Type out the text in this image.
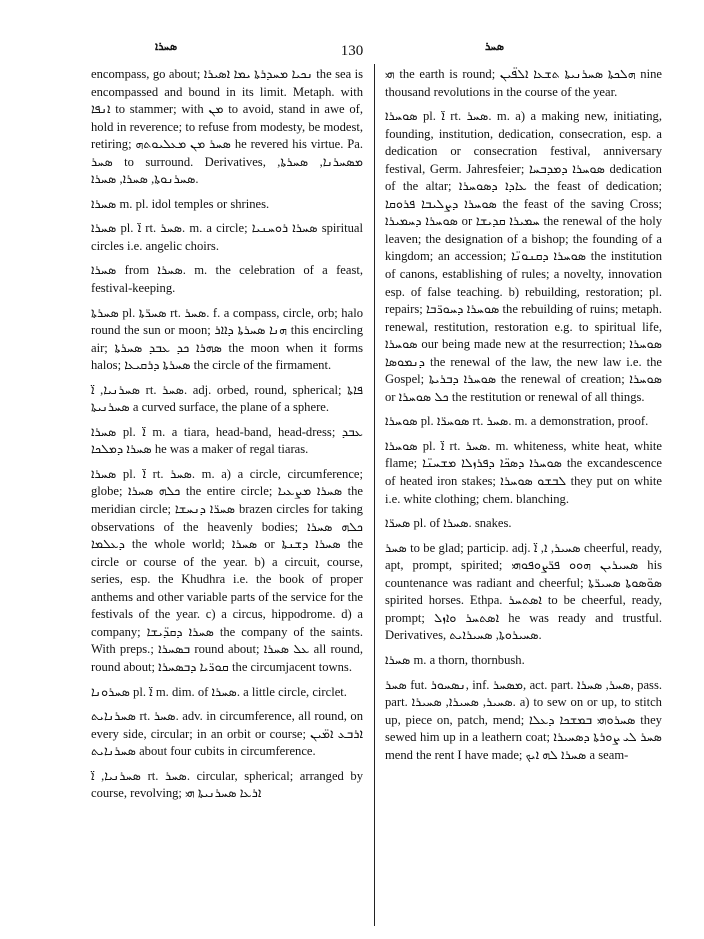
ܣܚܪܐ	130	ܣܚܪ

encompass, go about; ܢܟܝܐ ܡܚܕܪܬܐ ܝܡܐ ܐܣܝܪܐ the sea is encompassed and bound in its limit. Metaph. with ܐܢܦܐ to stammer; with ܡܢ to avoid, stand in awe of, hold in reverence; to refuse from modesty, be modest, retiring; ܣܚܪ ܡܢ ܡܥܠܝܘܬܗ he revered his virtue. Pa. ܣܚܪ to surround. Derivatives, ܡܣܚܪܢܐ, ܣܚܪܬܐ, ܣܚܪܢܘܬܐ, ܣܚܪܐ, ܣܚܪܐ.

ܣܚܪܐ m. pl. idol temples or shrines.

ܣܚܪܐ pl. ܐ̈ rt. ܣܚܪ. m. a circle; ܣܚܪܐ ܪܘܚܢܝܐ spiritual circles i.e. angelic choirs.

ܣܚܪܐ from ܣܚܪܐ. m. the celebration of a feast, festival-keeping.

ܣܚܪܬܐ pl. ܣܚܪ̈ܬܐ rt. ܣܚܪ. f. a compass, circle, orb; halo round the sun or moon; ܗܢܐ ܣܚܪܬܐ ܕܐܐܪ this encircling air; ܣܗܪܐ ܟܕ ܥܒܕ ܣܚܪܬܐ the moon when it forms halos; ܣܚܪܬܐ ܕܪܩܝܥܐ the circle of the firmament.

ܣܚܪܢܝܐ, ܐ̈ rt. ܣܚܪ. adj. orbed, round, spherical; ܦܐܬܐ ܣܚܪܢܝܬܐ a curved surface, the plane of a sphere.

ܣܚܪܐ pl. ܐ̈ m. a tiara, head-band, head-dress; ܥܒܕ ܣܚܪܐ ܕܡܠܟܐ he was a maker of regal tiaras.

ܣܚܪܐ pl. ܐ̈ rt. ܣܚܪ. m. a) a circle, circumference; globe; ܟܠܗ ܣܚܪܐ the entire circle; ܣܚܪܐ ܡܨܥܝܐ the meridian circle; ܣܚܪ̈ܐ ܕܢܚܫܐ brazen circles for taking observations of the heavenly bodies; ܟܠܗ ܣܚܪܐ ܕܥܠܡܐ the whole world; ܣܚܪܐ or ܣܚܪܐ ܕܫܢܬܐ the circle or course of the year. b) a circuit, course, series, esp. the Khudhra i.e. the book of proper anthems and other variable parts of the service for the festivals of the year. c) a circus, hippodrome. d) a company; ܣܚܪܐ ܕܩܕ̈ܝܫܐ the company of the saints. With preps.; ܒܣܚܪܐ round about; ܥܠ ܣܚܪܐ all round, round about; ܩܘܪ̈ܝܐ ܕܒܣܚܪܐ the circumjacent towns.

ܣܚܪܘܢܐ pl. ܐ̈ m. dim. of ܣܚܪܐ. a little circle, circlet.

ܣܚܪܢܐܝܬ rt. ܣܚܪ. adv. in circumference, all round, on every side, circular; in an orbit or course; ܐܪܒܥ ܐܡ̈ܝܢ ܣܚܪܢܐܝܬ about four cubits in circumference.

ܣܚܪܢܝܐ, ܐ̈ rt. ܣܚܪ. circular, spherical; arranged by course, revolving; ܐܪܥܐ ܣܚܪܢܝܬܐ ܗܝ

ܗܝ the earth is round; ܗܠܟܬܐ ܣܚܪܢܝܬܐ ܬܫܥܐ ܐܠܦ̈ܝܢ nine thousand revolutions in the course of the year.

ܣܘܚܪܐ pl. ܐ̈ rt. ܣܚܪ. m. a) a making new, initiating, founding, institution, dedication, consecration, esp. a dedication or consecration festival, anniversary festival, Germ. Jahresfeier; ܣܘܚܪܐ ܕܡܕܒܚܐ dedication of the altar; ܥܐܕܐ ܕܣܘܚܪܐ the feast of dedication; ܣܘܚܪܐ ܕܨܠܝܒܐ ܦܪܘܩܐ the feast of the saving Cross; ܣܘܚܪܐ ܕܚܡܝܪܐ or ܚܡܝܪܐ ܩܕܝܫܐ the renewal of the holy leaven; the designation of a bishop; the founding of a kingdom; an accession; ܣܘܚܪܐ ܕܩܢܘܢ̈ܐ the institution of canons, establishing of rules; a novelty, innovation esp. of false teaching. b) rebuilding, restoration; pl. repairs; ܣܘܚܪܐ ܕܚܘܪ̈ܒܐ the rebuilding of ruins; metaph. renewal, restitution, restoration e.g. to spiritual life, ܣܘܚܪܐ our being made new at the resurrection; ܣܘܚܪܐ ܕܢܡܘܣܐ the renewal of the law, the new law i.e. the Gospel; ܣܘܚܪܐ ܕܒܪܝܬܐ the renewal of creation; ܣܘܚܪܐ or ܟܠ ܣܘܚܪܐ the restitution or renewal of all things.

ܣܘܚܪܐ pl. ܣܘܚܪ̈ܐ rt. ܣܚܪ. m. a demonstration, proof.

ܣܘܚܪܐ pl. ܐ̈ rt. ܣܚܪ. m. whiteness, white heat, white flame; ܣܘܚܪܐ ܕܣܟ̈ܐ ܕܦܪܙܠܐ ܡܫܚܢ̈ܐ the excandescence of heated iron stakes; ܠܒܫܘ ܣܘܚܪܐ they put on white i.e. white clothing; chem. blanching.

ܣܚܪ̈ܐ pl. of ܣܚܪܐ. snakes.

ܣܚܪ to be glad; particip. adj. ܣܚܝܪ, ܐ, ܐ̈ cheerful, ready, apt, prompt, spirited; ܣܚܝܪܝܢ ܗܘܘ ܦܪ̈ܨܘܦܘܗܝ his countenance was radiant and cheerful; ܣܘ̈ܣܘܬܐ ܣܚܝܪ̈ܬܐ spirited horses. Ethpa. ܐܣܬܚܪ to be cheerful, ready, prompt; ܐܣܬܚܪ ܘܐܙܠ he was ready and trustful. Derivatives, ܣܚܝܪܘܬܐ, ܣܚܝܪܐܝܬ.

ܣܚܪܐ m. a thorn, thornbush.

ܣܚܪ fut. ܢܣܚܘܪ, inf. ܡܣܚܪ, act. part. ܣܚܪ, ܣܚܪܐ, pass. part. ܣܚܝܪ, ܣܚܝܪܐ, ܣܚܝܪܐ. a) to sew on or up, to stitch up, piece on, patch, mend; ܣܚܪܘܗܝ ܒܡܫܟܐ ܕܥܠܐ they sewed him up in a leathern coat; ܣܚܪ ܠܝ ܨܘܪܬܐ ܕܣܚܝܪܐ mend the rent I have made; ܣܚܪܐ ܠܗ ܐܝܟ a seam-
